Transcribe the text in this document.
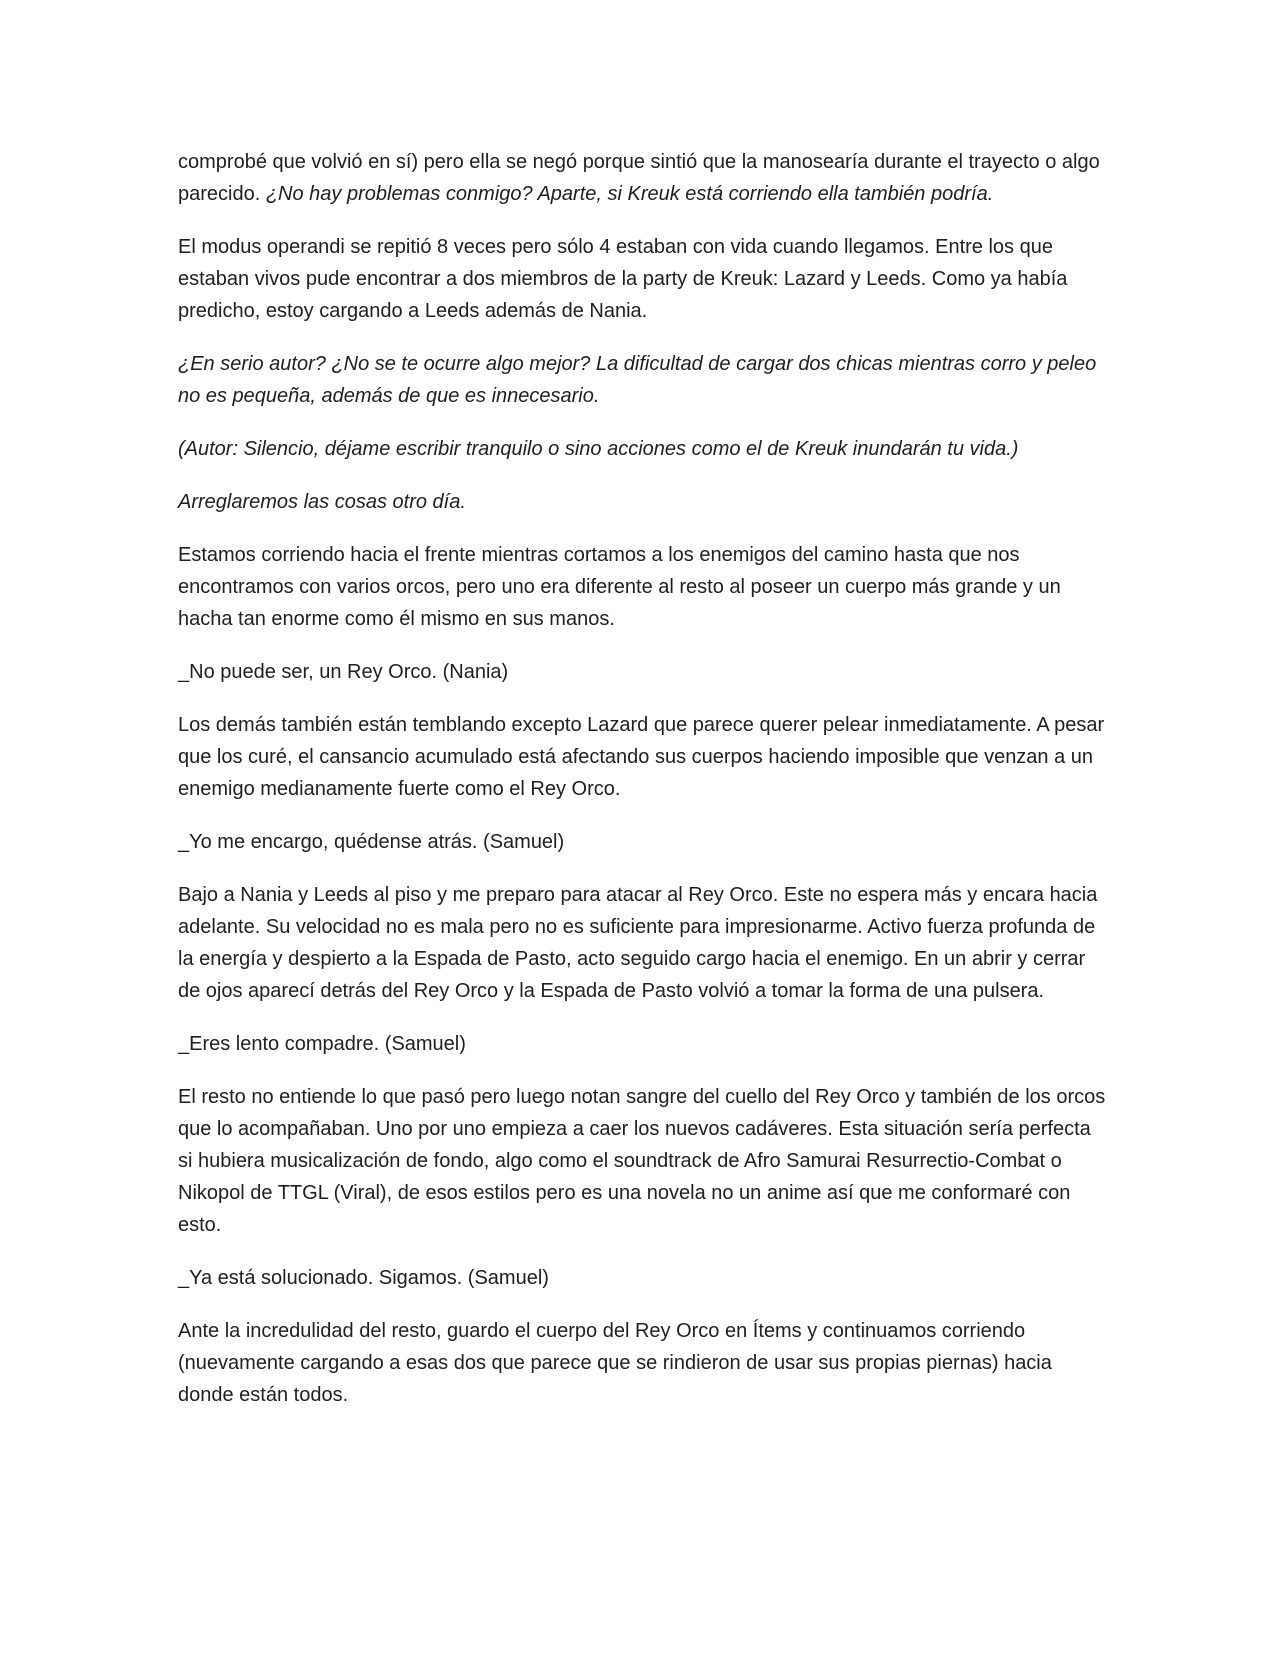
comprobé que volvió en sí) pero ella se negó porque sintió que la manosearía durante el trayecto o algo parecido. ¿No hay problemas conmigo? Aparte, si Kreuk está corriendo ella también podría.

El modus operandi se repitió 8 veces pero sólo 4 estaban con vida cuando llegamos. Entre los que estaban vivos pude encontrar a dos miembros de la party de Kreuk: Lazard y Leeds. Como ya había predicho, estoy cargando a Leeds además de Nania.

¿En serio autor? ¿No se te ocurre algo mejor? La dificultad de cargar dos chicas mientras corro y peleo no es pequeña, además de que es innecesario.

(Autor: Silencio, déjame escribir tranquilo o sino acciones como el de Kreuk inundarán tu vida.)

Arreglaremos las cosas otro día.

Estamos corriendo hacia el frente mientras cortamos a los enemigos del camino hasta que nos encontramos con varios orcos, pero uno era diferente al resto al poseer un cuerpo más grande y un hacha tan enorme como él mismo en sus manos.

_No puede ser, un Rey Orco. (Nania)

Los demás también están temblando excepto Lazard que parece querer pelear inmediatamente. A pesar que los curé, el cansancio acumulado está afectando sus cuerpos haciendo imposible que venzan a un enemigo medianamente fuerte como el Rey Orco.

_Yo me encargo, quédense atrás. (Samuel)

Bajo a Nania y Leeds al piso y me preparo para atacar al Rey Orco. Este no espera más y encara hacia adelante. Su velocidad no es mala pero no es suficiente para impresionarme. Activo fuerza profunda de la energía y despierto a la Espada de Pasto, acto seguido cargo hacia el enemigo. En un abrir y cerrar de ojos aparecí detrás del Rey Orco y la Espada de Pasto volvió a tomar la forma de una pulsera.

_Eres lento compadre. (Samuel)

El resto no entiende lo que pasó pero luego notan sangre del cuello del Rey Orco y también de los orcos que lo acompañaban. Uno por uno empieza a caer los nuevos cadáveres. Esta situación sería perfecta si hubiera musicalización de fondo, algo como el soundtrack de Afro Samurai Resurrectio-Combat o Nikopol de TTGL (Viral), de esos estilos pero es una novela no un anime así que me conformaré con esto.

_Ya está solucionado. Sigamos. (Samuel)

Ante la incredulidad del resto, guardo el cuerpo del Rey Orco en Ítems y continuamos corriendo (nuevamente cargando a esas dos que parece que se rindieron de usar sus propias piernas) hacia donde están todos.
